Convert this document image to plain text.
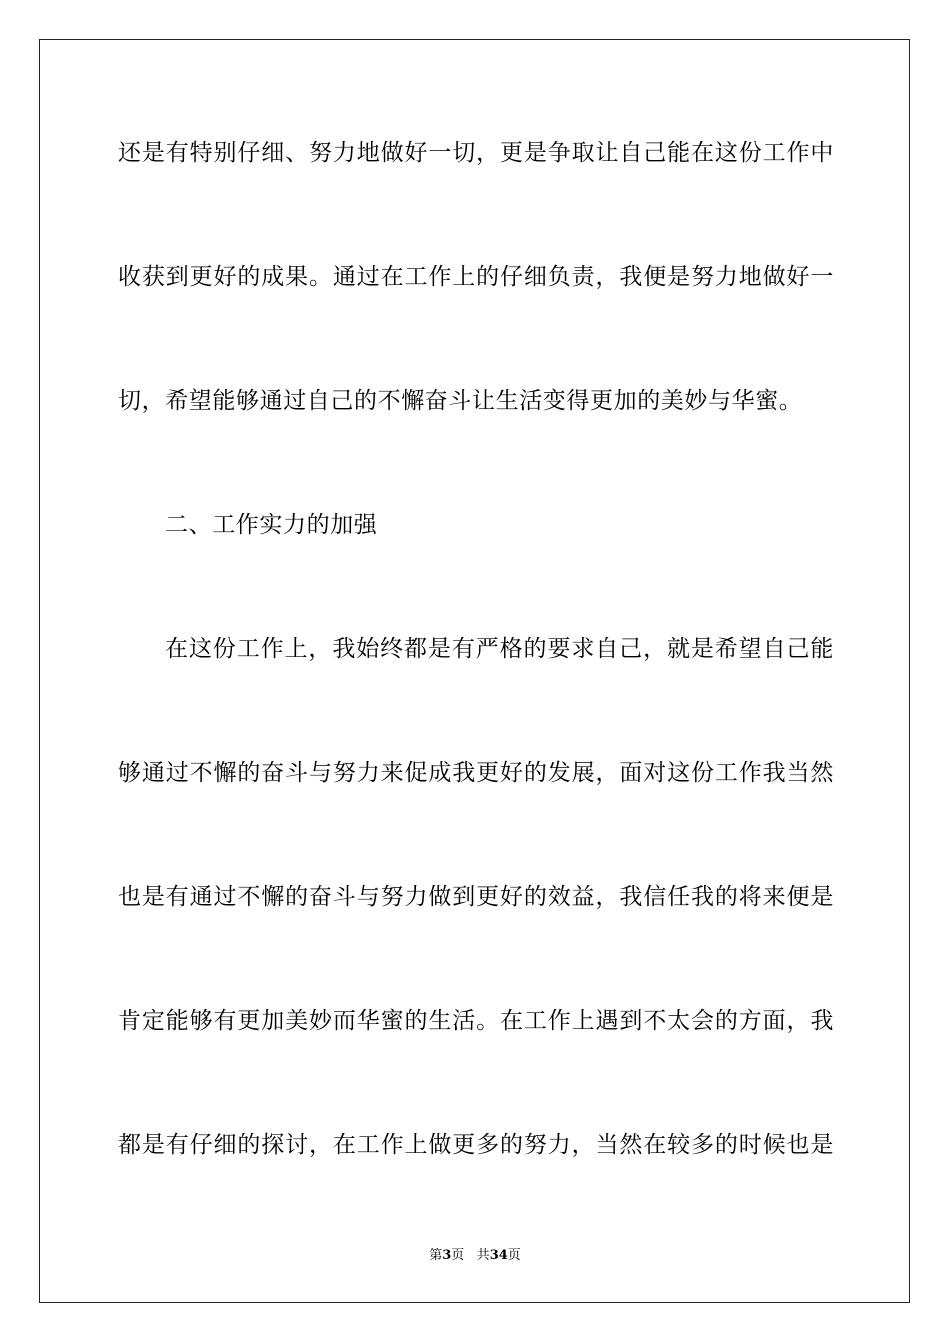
还是有特别仔细、努力地做好一切，更是争取让自己能在这份工作中
收获到更好的成果。通过在工作上的仔细负责，我便是努力地做好一
切，希望能够通过自己的不懈奋斗让生活变得更加的美妙与华蜜。
二、工作实力的加强
在这份工作上，我始终都是有严格的要求自己，就是希望自己能
够通过不懈的奋斗与努力来促成我更好的发展，面对这份工作我当然
也是有通过不懈的奋斗与努力做到更好的效益，我信任我的将来便是
肯定能够有更加美妙而华蜜的生活。在工作上遇到不太会的方面，我
都是有仔细的探讨，在工作上做更多的努力，当然在较多的时候也是
第3页 共34页
